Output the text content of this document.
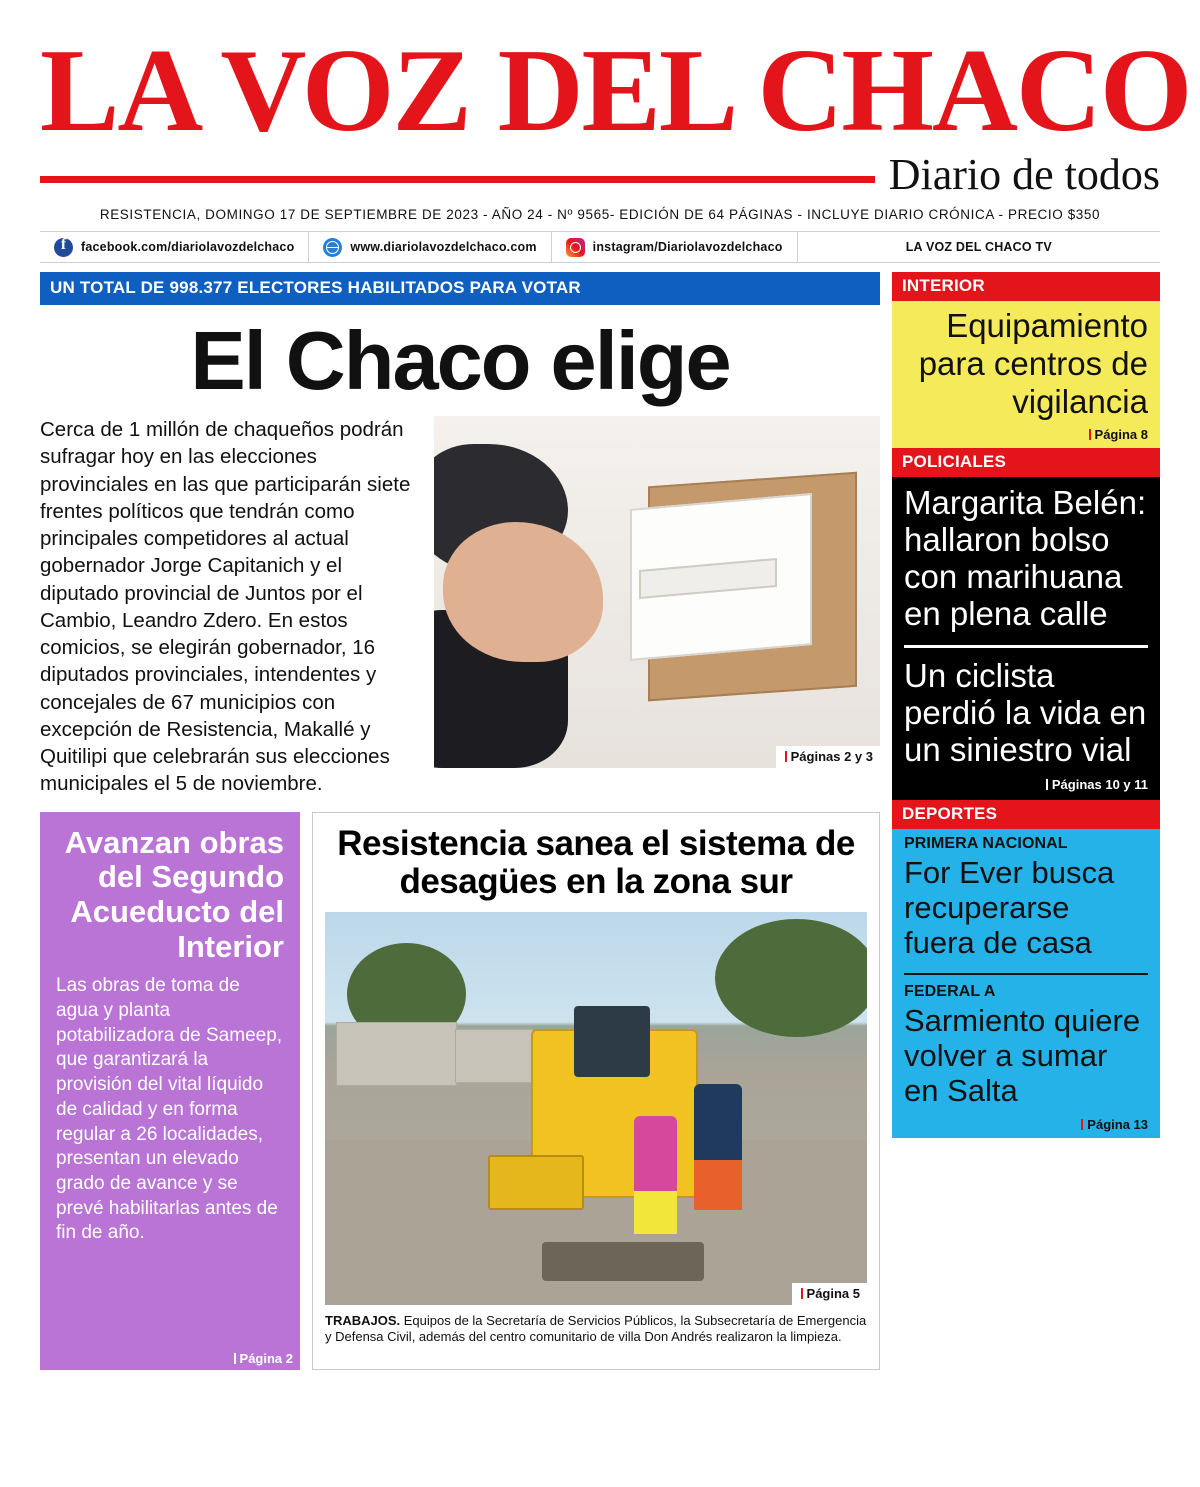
LA VOZ DEL CHACO
Diario de todos
RESISTENCIA, DOMINGO 17 DE SEPTIEMBRE DE 2023 - AÑO 24 - Nº 9565- EDICIÓN DE 64 PÁGINAS - INCLUYE DIARIO CRÓNICA - PRECIO $350
f
facebook.com/diariolavozdelchaco	www.diariolavozdelchaco.com	instagram/Diariolavozdelchaco	LA VOZ DEL CHACO TV
UN TOTAL DE 998.377 ELECTORES HABILITADOS PARA VOTAR
El Chaco elige
Cerca de 1 millón de chaqueños podrán sufragar hoy en las elecciones provinciales en las que participarán siete frentes políticos que tendrán como principales competidores al actual gobernador Jorge Capitanich y el diputado provincial de Juntos por el Cambio, Leandro Zdero. En estos comicios, se elegirán gobernador, 16 diputados provinciales, intendentes y concejales de 67 municipios con excepción de Resistencia, Makallé y Quitilipi que celebrarán sus elecciones municipales el 5 de noviembre.
Páginas 2 y 3
Avanzan obras del Segundo Acueducto del Interior

Las obras de toma de agua y planta potabilizadora de Sameep, que garantizará la provisión del vital líquido de calidad y en forma regular a 26 localidades, presentan un elevado grado de avance y se prevé habilitarlas antes de fin de año.

Página 2
Resistencia sanea el sistema de desagües en la zona sur
Página 5
TRABAJOS. Equipos de la Secretaría de Servicios Públicos, la Subsecretaría de Emergencia y Defensa Civil, además del centro comunitario de villa Don Andrés realizaron la limpieza.
INTERIOR
Equipamiento para centros de vigilancia
Página 8
POLICIALES
Margarita Belén: hallaron bolso con marihuana en plena calle
Un ciclista perdió la vida en un siniestro vial
Páginas 10 y 11
DEPORTES
PRIMERA NACIONAL
For Ever busca recuperarse fuera de casa
FEDERAL A
Sarmiento quiere volver a sumar en Salta
Página 13
